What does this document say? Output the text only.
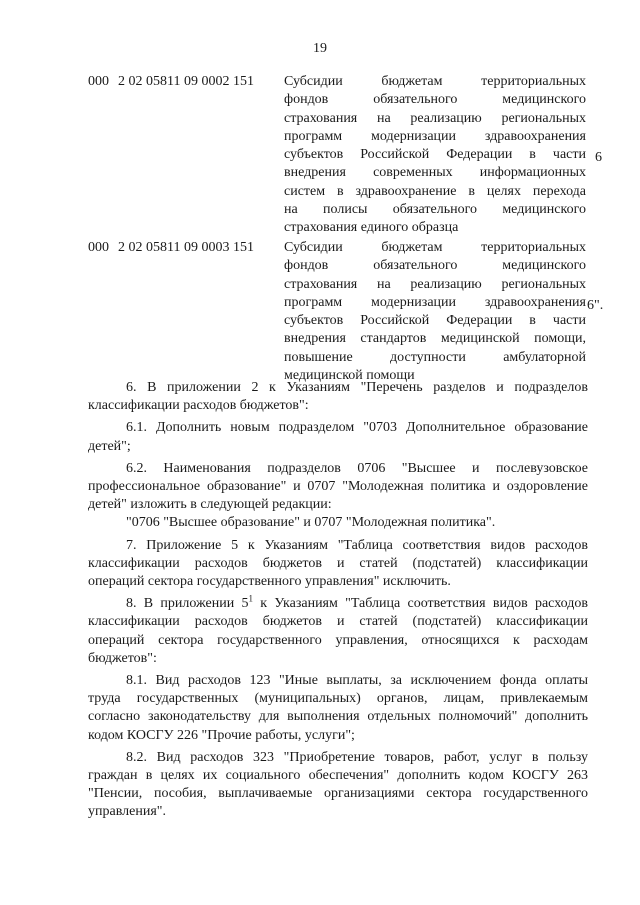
19
000 2 02 05811 09 0002 151 Субсидии бюджетам территориальных
фондов обязательного медицинского
страхования на реализацию региональных
программ модернизации здравоохранения
субъектов Российской Федерации в части
внедрения современных информационных
систем в здравоохранение в целях перехода
на полисы обязательного медицинского
страхования единого образца
6
000 2 02 05811 09 0003 151 Субсидии бюджетам территориальных
фондов обязательного медицинского
страхования на реализацию региональных
программ модернизации здравоохранения
субъектов Российской Федерации в части
внедрения стандартов медицинской помощи,
повышение доступности амбулаторной
медицинской помощи
6".

6. В приложении 2 к Указаниям "Перечень разделов и подразделов
классификации расходов бюджетов":

6.1. Дополнить новым подразделом "0703 Дополнительное образование
детей";

6.2. Наименования подразделов 0706 "Высшее и послевузовское
профессиональное образование" и 0707 "Молодежная политика и оздоровление
детей" изложить в следующей редакции:

"0706 "Высшее образование" и 0707 "Молодежная политика".

7. Приложение 5 к Указаниям "Таблица соответствия видов расходов
классификации расходов бюджетов и статей (подстатей) классификации
операций сектора государственного управления" исключить.

8. В приложении $5^1$ к Указаниям "Таблица соответствия видов расходов
классификации расходов бюджетов и статей (подстатей) классификации
операций сектора государственного управления, относящихся к расходам
бюджетов":

8.1. Вид расходов 123 "Иные выплаты, за исключением фонда оплаты
труда государственных (муниципальных) органов, лицам, привлекаемым
согласно законодательству для выполнения отдельных полномочий" дополнить
кодом КОСГУ 226 "Прочие работы, услуги";

8.2. Вид расходов 323 "Приобретение товаров, работ, услуг в пользу
граждан в целях их социального обеспечения" дополнить кодом КОСГУ 263
"Пенсии, пособия, выплачиваемые организациями сектора государственного
управления".
